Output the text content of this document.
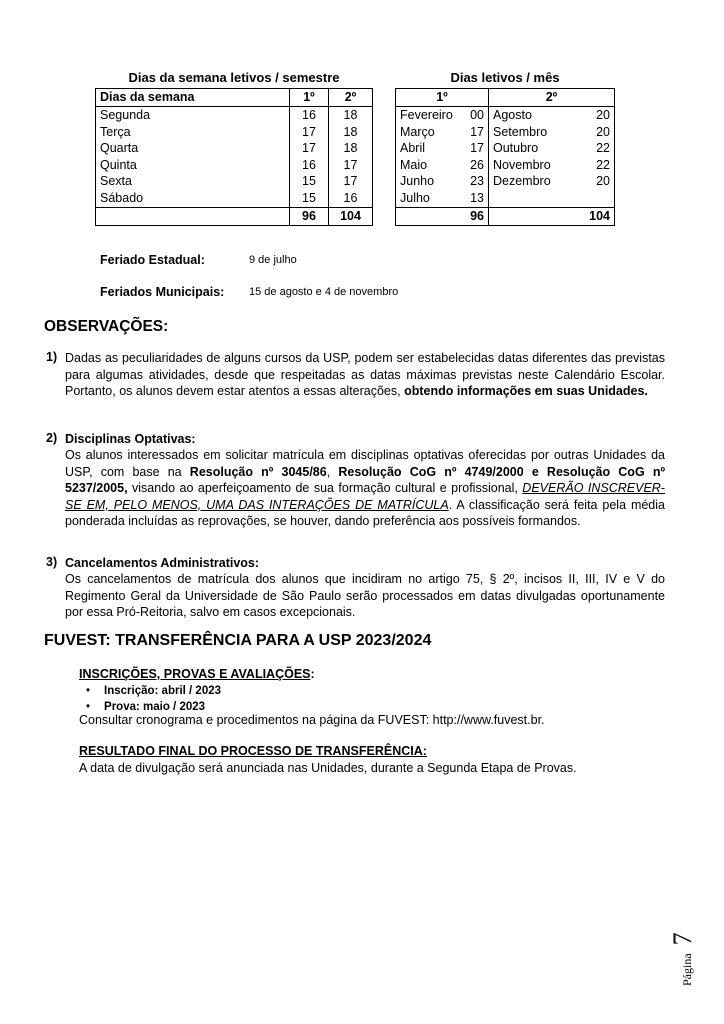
Dias da semana letivos / semestre
Dias da semana	1º	2º
Segunda	16	18
Terça	17	18
Quarta	17	18
Quinta	16	17
Sexta	15	17
Sábado	15	16
	96	104
Dias letivos / mês
1º		2º	
Fevereiro	00	Agosto	20
Março	17	Setembro	20
Abril	17	Outubro	22
Maio	26	Novembro	22
Junho	23	Dezembro	20
Julho	13		
96		104	
Feriado Estadual:	9 de julho
Feriados Municipais: 15 de agosto e 4 de novembro
OBSERVAÇÕES:
1) Dadas as peculiaridades de alguns cursos da USP, podem ser estabelecidas datas diferentes das previstas para algumas atividades, desde que respeitadas as datas máximas previstas neste Calendário Escolar. Portanto, os alunos devem estar atentos a essas alterações, obtendo informações em suas Unidades.
2) Disciplinas Optativas:
Os alunos interessados em solicitar matrícula em disciplinas optativas oferecidas por outras Unidades da USP, com base na Resolução nº 3045/86, Resolução CoG nº 4749/2000 e Resolução CoG nº 5237/2005, visando ao aperfeiçoamento de sua formação cultural e profissional, DEVERÃO INSCREVER-SE EM, PELO MENOS, UMA DAS INTERAÇÕES DE MATRÍCULA. A classificação será feita pela média ponderada incluídas as reprovações, se houver, dando preferência aos possíveis formandos.
3) Cancelamentos Administrativos:
Os cancelamentos de matrícula dos alunos que incidiram no artigo 75, § 2º, incisos II, III, IV e V do Regimento Geral da Universidade de São Paulo serão processados em datas divulgadas oportunamente por essa Pró-Reitoria, salvo em casos excepcionais.
FUVEST: TRANSFERÊNCIA PARA A USP 2023/2024
INSCRIÇÕES, PROVAS E AVALIAÇÕES:
• Inscrição: abril / 2023
• Prova: maio / 2023
Consultar cronograma e procedimentos na página da FUVEST: http://www.fuvest.br.
RESULTADO FINAL DO PROCESSO DE TRANSFERÊNCIA:
A data de divulgação será anunciada nas Unidades, durante a Segunda Etapa de Provas.
Página 7
